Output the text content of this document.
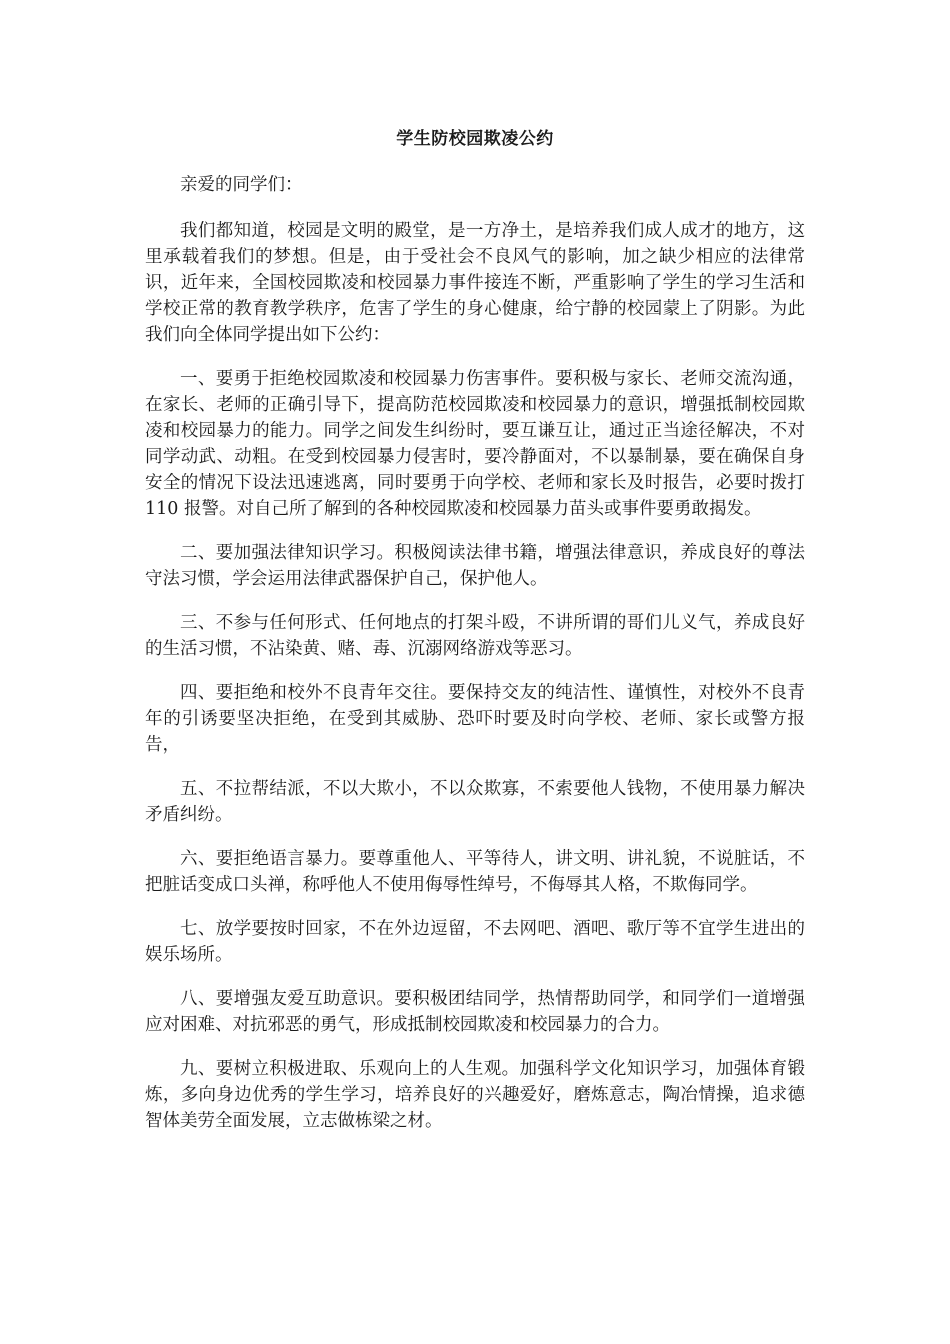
学生防校园欺凌公约

亲爱的同学们：

我们都知道，校园是文明的殿堂，是一方净土，是培养我们成人成才的地方，这里承载着我们的梦想。但是，由于受社会不良风气的影响，加之缺少相应的法律常识，近年来，全国校园欺凌和校园暴力事件接连不断，严重影响了学生的学习生活和学校正常的教育教学秩序，危害了学生的身心健康，给宁静的校园蒙上了阴影。为此我们向全体同学提出如下公约：

一、要勇于拒绝校园欺凌和校园暴力伤害事件。要积极与家长、老师交流沟通，在家长、老师的正确引导下，提高防范校园欺凌和校园暴力的意识，增强抵制校园欺凌和校园暴力的能力。同学之间发生纠纷时，要互谦互让，通过正当途径解决，不对同学动武、动粗。在受到校园暴力侵害时，要冷静面对，不以暴制暴，要在确保自身安全的情况下设法迅速逃离，同时要勇于向学校、老师和家长及时报告，必要时拨打 110 报警。对自己所了解到的各种校园欺凌和校园暴力苗头或事件要勇敢揭发。

二、要加强法律知识学习。积极阅读法律书籍，增强法律意识，养成良好的尊法守法习惯，学会运用法律武器保护自己，保护他人。

三、不参与任何形式、任何地点的打架斗殴，不讲所谓的哥们儿义气，养成良好的生活习惯，不沾染黄、赌、毒、沉溺网络游戏等恶习。

四、要拒绝和校外不良青年交往。要保持交友的纯洁性、谨慎性，对校外不良青年的引诱要坚决拒绝，在受到其威胁、恐吓时要及时向学校、老师、家长或警方报告，

五、不拉帮结派，不以大欺小，不以众欺寡，不索要他人钱物，不使用暴力解决矛盾纠纷。

六、要拒绝语言暴力。要尊重他人、平等待人，讲文明、讲礼貌，不说脏话，不把脏话变成口头禅，称呼他人不使用侮辱性绰号，不侮辱其人格，不欺侮同学。

七、放学要按时回家，不在外边逗留，不去网吧、酒吧、歌厅等不宜学生进出的娱乐场所。

八、要增强友爱互助意识。要积极团结同学，热情帮助同学，和同学们一道增强应对困难、对抗邪恶的勇气，形成抵制校园欺凌和校园暴力的合力。

九、要树立积极进取、乐观向上的人生观。加强科学文化知识学习，加强体育锻炼，多向身边优秀的学生学习，培养良好的兴趣爱好，磨炼意志，陶冶情操，追求德智体美劳全面发展，立志做栋梁之材。
